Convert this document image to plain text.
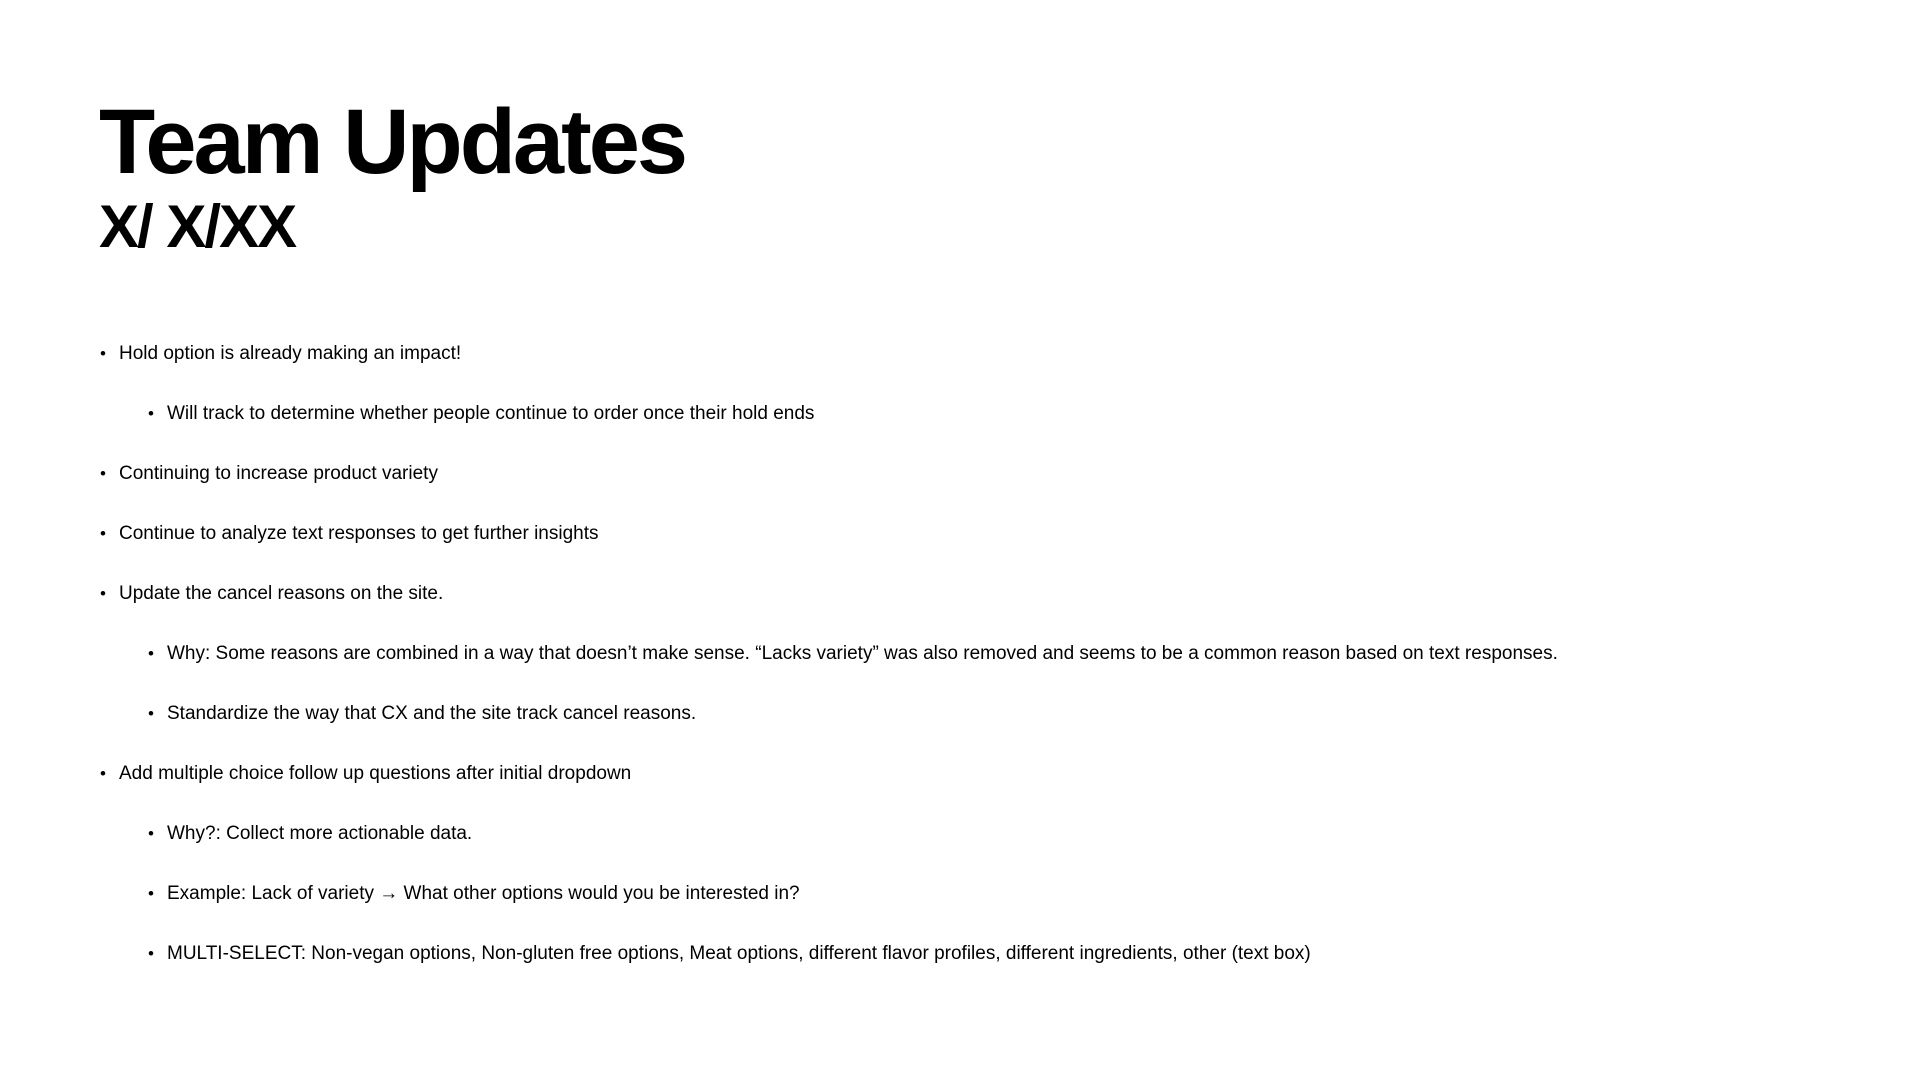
Team Updates
X/ X/XX
• Hold option is already making an impact!
• Will track to determine whether people continue to order once their hold ends
• Continuing to increase product variety
• Continue to analyze text responses to get further insights
• Update the cancel reasons on the site.
• Why: Some reasons are combined in a way that doesn’t make sense. “Lacks variety” was also removed and seems to be a common reason based on text responses.
• Standardize the way that CX and the site track cancel reasons.
• Add multiple choice follow up questions after initial dropdown
• Why?: Collect more actionable data.
• Example: Lack of variety → What other options would you be interested in?
• MULTI-SELECT: Non-vegan options, Non-gluten free options, Meat options, different flavor profiles, different ingredients, other (text box)
